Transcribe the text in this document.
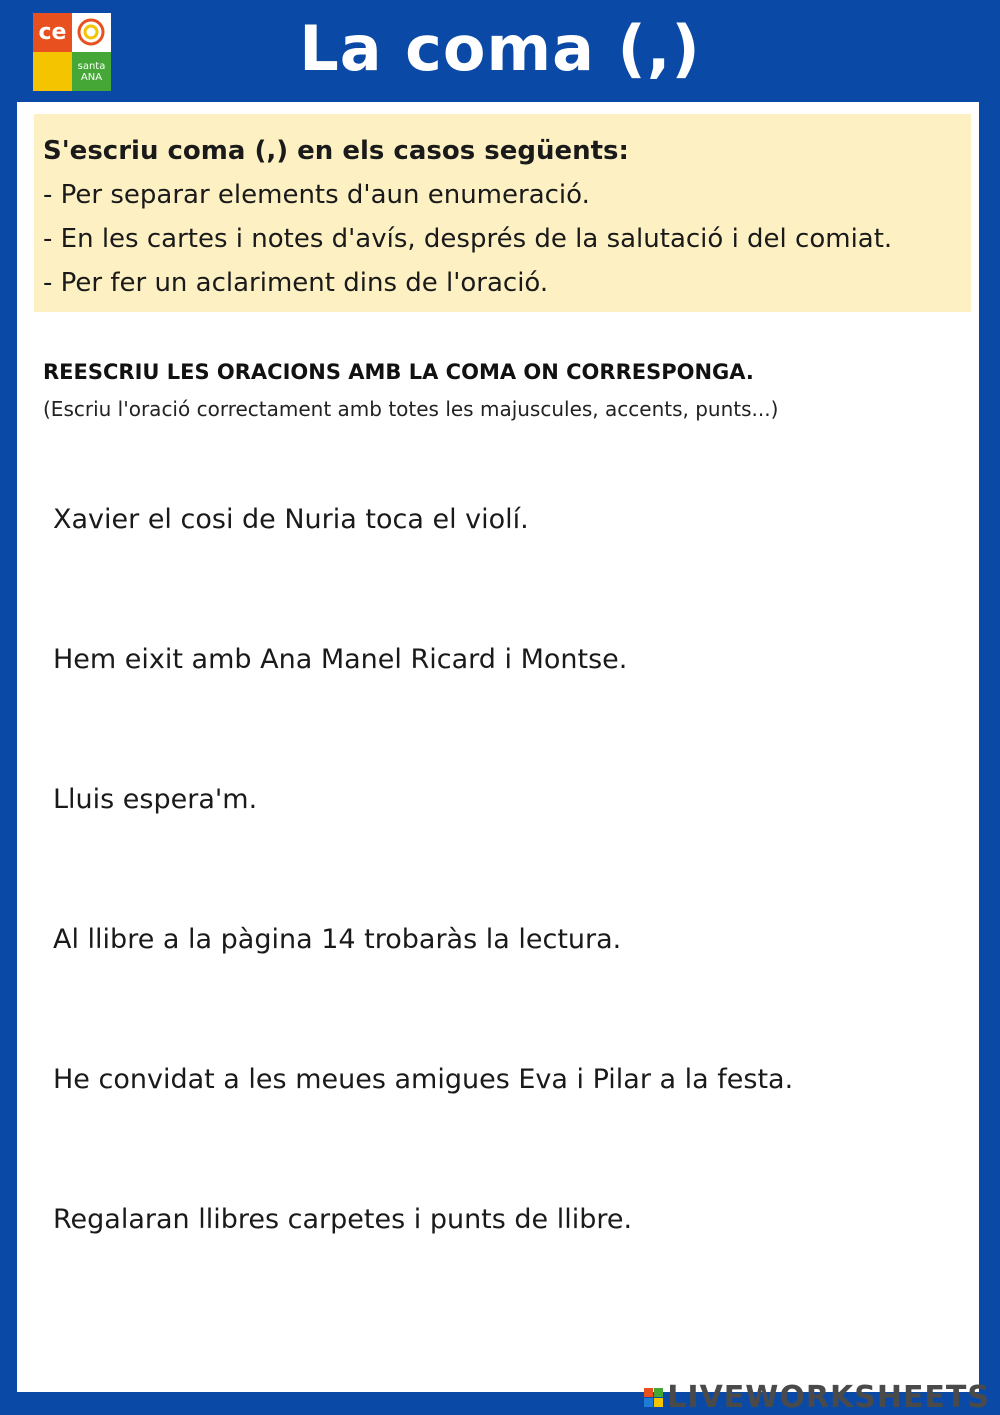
ce
santa
ANA	La coma (,)
S'escriu coma (,) en els casos següents:
- Per separar elements d'aun enumeració.
- En les cartes i notes d'avís, després de la salutació i del comiat.
- Per fer un aclariment dins de l'oració.
REESCRIU LES ORACIONS AMB LA COMA ON CORRESPONGA.
(Escriu l'oració correctament amb totes les majuscules, accents, punts...)
Xavier el cosi de Nuria toca el violí.
Hem eixit amb Ana Manel Ricard i Montse.
Lluis espera'm.
Al llibre a la pàgina 14 trobaràs la lectura.
He convidat a les meues amigues Eva i Pilar a la festa.
Regalaran llibres carpetes i punts de llibre.
LIVEWORKSHEETS
